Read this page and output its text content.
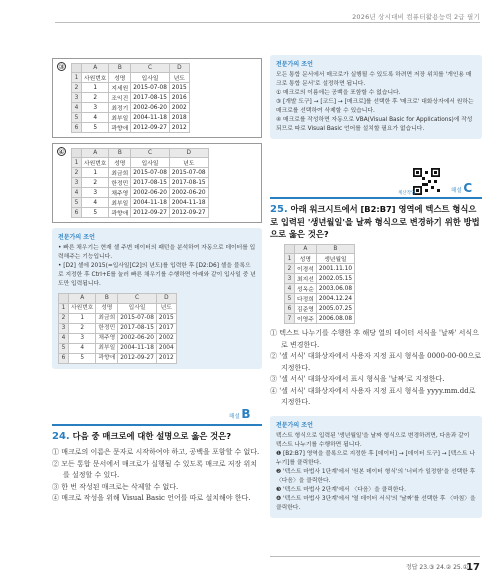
2026년 상시대비 컴퓨터활용능력 2급 필기
③
		A	B	C	D
1	사원번호	성명	입사일	년도
2	1	지세원	2015-07-08	2015
3	2	조익진	2017-08-15	2016
4	3	최정기	2002-06-20	2002
5	4	최부일	2004-11-18	2018
6	5	곽향애	2012-09-27	2012
④
		A	B	C	D
1	사원번호	성명	입사일	년도
2	1	최금희	2015-07-08	2015-07-08
3	2	한정민	2017-08-15	2017-08-15
4	3	채주영	2002-06-20	2002-06-20
5	4	최부일	2004-11-18	2004-11-18
6	5	곽향애	2012-09-27	2012-09-27
전문가의 조언
• 빠른 채우기는 현재 셀 주변 데이터의 패턴을 분석하여 자동으로 데이터를 입력해주는 기능입니다.
• [D2] 셀에 2015(=입사일[C2]의 년도)를 입력한 후 [D2:D6] 셀을 블록으로 지정한 후 Ctrl+E를 눌러 빠른 채우기를 수행하면 아래와 같이 입사일 중 년도만 입력됩니다.
	A	B	C	D
1	사원번호	성명	입사일	년도
2	1	최금희	2015-07-08	2015
3	2	한정민	2017-08-15	2017
4	3	채주영	2002-06-20	2002
5	4	최부일	2004-11-18	2004
6	5	곽향애	2012-09-27	2012
해설 B
24. 다음 중 매크로에 대한 설명으로 옳은 것은?
① 매크로의 이름은 문자로 시작하여야 하고, 공백을 포함할 수 없다.
② 모든 통합 문서에서 매크로가 실행될 수 있도록 매크로 저장 위치를 설정할 수 있다.
③ 한 번 작성된 매크로는 삭제할 수 없다.
④ 매크로 작성을 위해 Visual Basic 언어를 따로 설치해야 한다.
전문가의 조언
모든 통합 문서에서 매크로가 실행될 수 있도록 하려면 저장 위치를 '개인용 매크로 통합 문서'로 설정하면 됩니다.
① 매크로의 이름에는 공백을 포함할 수 없습니다.
③ [개발 도구] → [코드] → [매크로]를 선택한 후 '매크로' 대화상자에서 원하는 매크로를 선택하여 삭제할 수 있습니다.
④ 매크로를 작성하면 자동으로 VBA(Visual Basic for Applications)에 작성되므로 따로 Visual Basic 언어를 설치할 필요가 없습니다.
계산작업	해설 C
25. 아래 워크시트에서 [B2:B7] 영역에 텍스트 형식으로 입력된 '생년월일'을 날짜 형식으로 변경하기 위한 방법으로 옳은 것은?
	A	B
1	성명	생년월일
2	이경석	2001.11.10
3	최지선	2002.05.15
4	성옥순	2003.06.08
5	다정희	2004.12.24
6	김준영	2005.07.25
7	이영주	2006.08.08
① 텍스트 나누기를 수행한 후 해당 열의 데이터 서식을 '날짜' 서식으로 변경한다.
② '셀 서식' 대화상자에서 사용자 지정 표시 형식을 0000-00-00으로 지정한다.
③ '셀 서식' 대화상자에서 표시 형식을 '날짜'로 지정한다.
④ '셀 서식' 대화상자에서 사용자 지정 표시 형식을 yyyy.mm.dd로 지정한다.
전문가의 조언
텍스트 형식으로 입력된 '생년월일'을 날짜 형식으로 변경하려면, 다음과 같이 텍스트 나누기를 수행하면 됩니다.
❶ [B2:B7] 영역을 블록으로 지정한 후 [데이터] → [데이터 도구] → [텍스트 나누기]를 클릭한다.
❷ '텍스트 마법사 1단계'에서 '원본 데이터 형식'의 '너비가 일정함'을 선택한 후 〈다음〉을 클릭한다.
❸ '텍스트 마법사 2단계'에서 〈다음〉을 클릭한다.
❹ '텍스트 마법사 3단계'에서 '열 데이터 서식'의 '날짜'를 선택한 후 〈마침〉을 클릭한다.
정답 23.③ 24.② 25.①
17
